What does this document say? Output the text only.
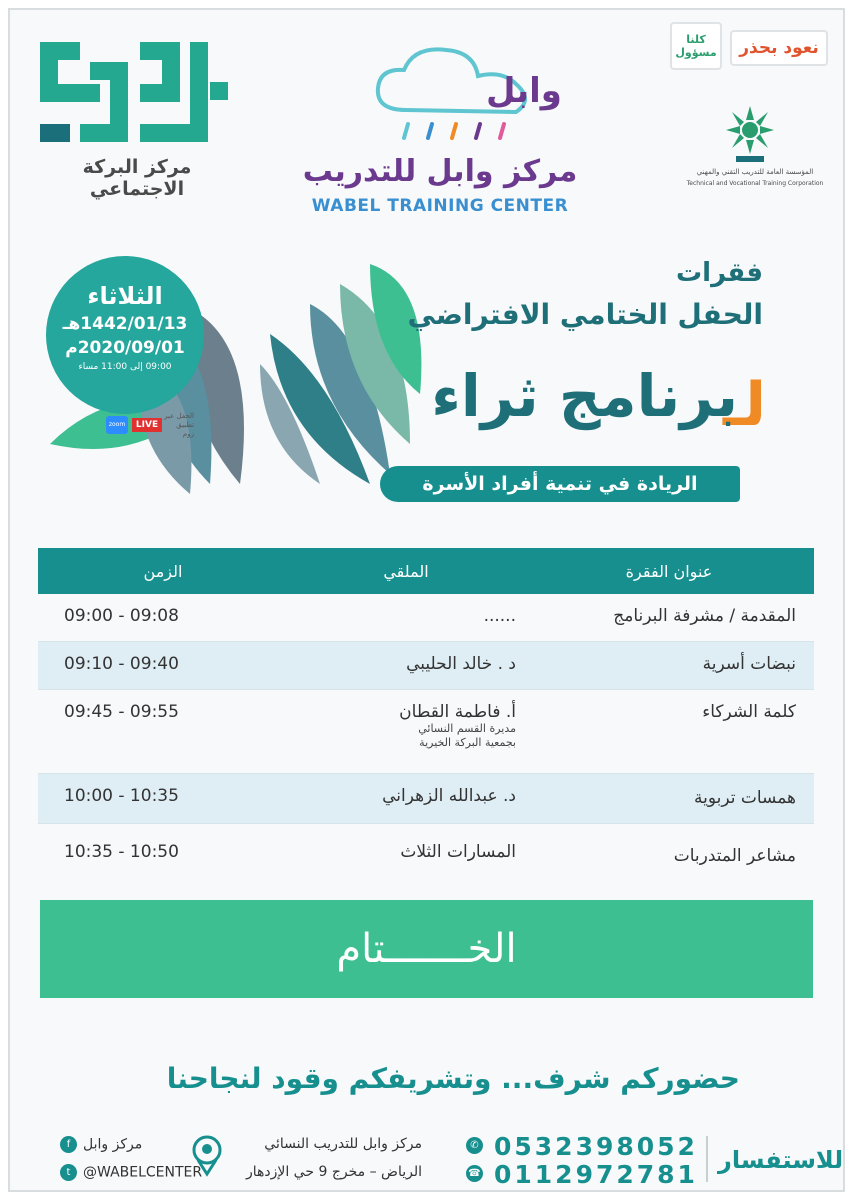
مركز البركة الاجتماعي
وابل
مركز وابل للتدريب
WABEL TRAINING CENTER
نعود بحذر
كلنا مسؤول
المؤسسة العامة للتدريب التقني والمهني
Technical and Vocational Training Corporation
الثلاثاء
1442/01/13هـ
2020/09/01م
09:00 إلى 11:00 مساء
zoom	LIVE
الحفل عبر تطبيق زوم
فقرات
الحفل الختامي الافتراضي
لـ
برنامج ثراء
الريادة في تنمية أفراد الأسرة
عنوان الفقرة
الملقي
الزمن
المقدمة / مشرفة البرنامج
......
09:00 - 09:08
نبضات أسرية
د . خالد الحليبي
09:10 - 09:40
كلمة الشركاء
أ. فاطمة القطان
مديرة القسم النسائي بجمعية البركة الخيرية
09:45 - 09:55
همسات تربوية
د. عبدالله الزهراني
10:00 - 10:35
مشاعر المتدربات
المسارات الثلاث
10:35 - 10:50
الخـــــــتام
حضوركم شرف... وتشريفكم وقود لنجاحنا
للاستفسار
✆ 0532398052
☎ 0112972781
مركز وابل للتدريب النسائي
الرياض – مخرج 9 حي الإزدهار
f مركز وابل
t @WABELCENTER
